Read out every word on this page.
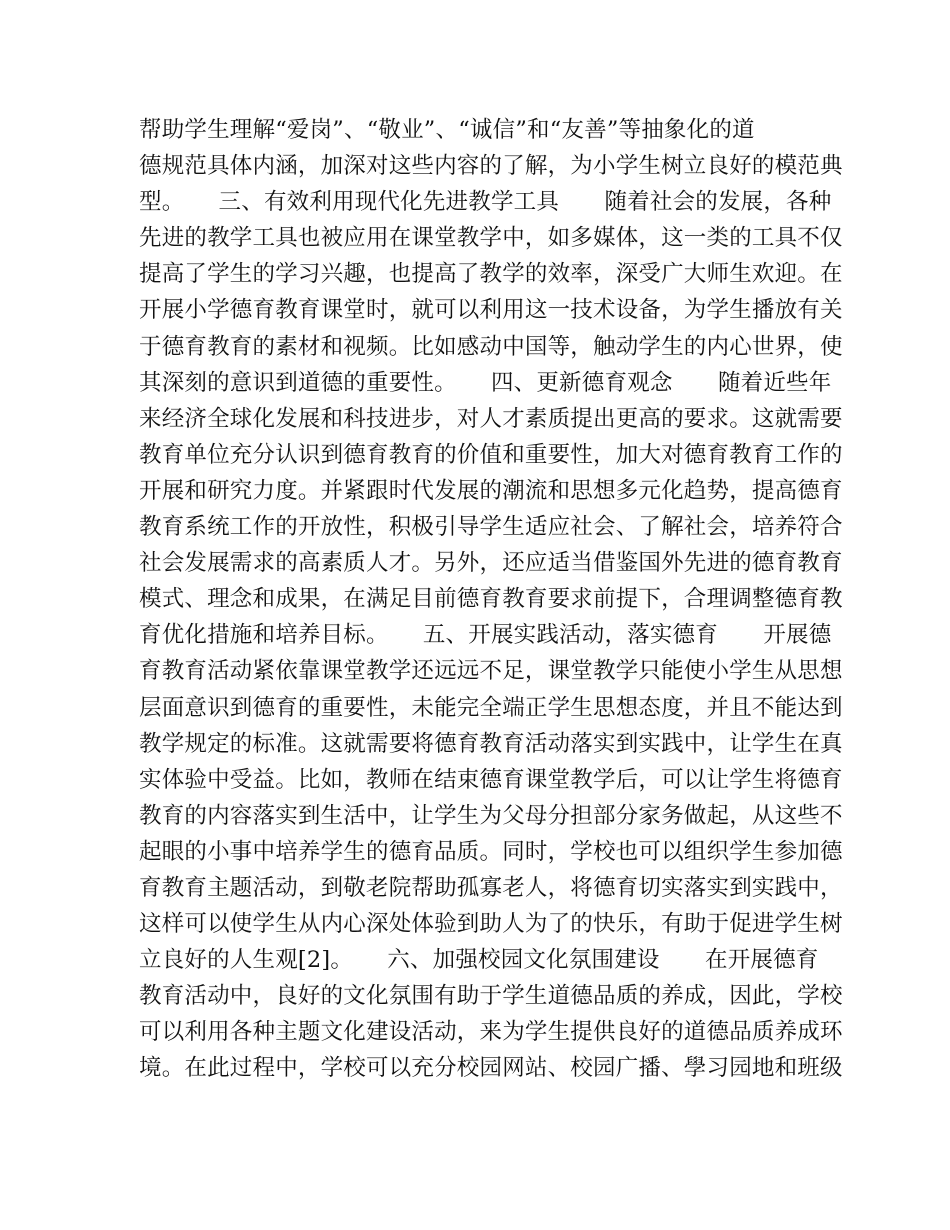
帮助学生理解“爱岗”、“敬业”、“诚信”和“友善”等抽象化的道
德规范具体内涵，加深对这些内容的了解，为小学生树立良好的模范典
型。　　三、有效利用现代化先进教学工具　　随着社会的发展，各种
先进的教学工具也被应用在课堂教学中，如多媒体，这一类的工具不仅
提高了学生的学习兴趣，也提高了教学的效率，深受广大师生欢迎。在
开展小学德育教育课堂时，就可以利用这一技术设备，为学生播放有关
于德育教育的素材和视频。比如感动中国等，触动学生的内心世界，使
其深刻的意识到道德的重要性。　　四、更新德育观念　　随着近些年
来经济全球化发展和科技进步，对人才素质提出更高的要求。这就需要
教育单位充分认识到德育教育的价值和重要性，加大对德育教育工作的
开展和研究力度。并紧跟时代发展的潮流和思想多元化趋势，提高德育
教育系统工作的开放性，积极引导学生适应社会、了解社会，培养符合
社会发展需求的高素质人才。另外，还应适当借鉴国外先进的德育教育
模式、理念和成果，在满足目前德育教育要求前提下，合理调整德育教
育优化措施和培养目标。　　五、开展实践活动，落实德育　　开展德
育教育活动紧依靠课堂教学还远远不足，课堂教学只能使小学生从思想
层面意识到德育的重要性，未能完全端正学生思想态度，并且不能达到
教学规定的标准。这就需要将德育教育活动落实到实践中，让学生在真
实体验中受益。比如，教师在结束德育课堂教学后，可以让学生将德育
教育的内容落实到生活中，让学生为父母分担部分家务做起，从这些不
起眼的小事中培养学生的德育品质。同时，学校也可以组织学生参加德
育教育主题活动，到敬老院帮助孤寡老人，将德育切实落实到实践中，
这样可以使学生从内心深处体验到助人为了的快乐，有助于促进学生树
立良好的人生观[2]。　　六、加强校园文化氛围建设　　在开展德育
教育活动中，良好的文化氛围有助于学生道德品质的养成，因此，学校
可以利用各种主题文化建设活动，来为学生提供良好的道德品质养成环
境。在此过程中，学校可以充分校园网站、校园广播、學习园地和班级
